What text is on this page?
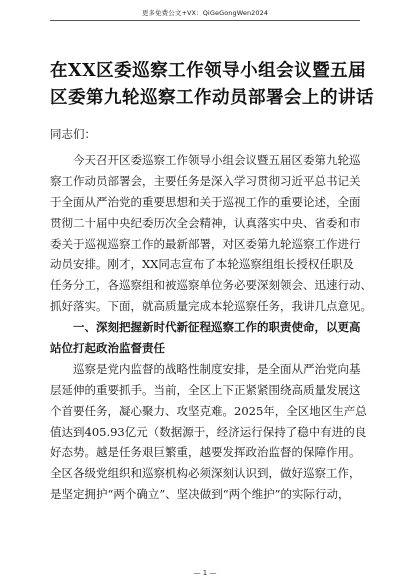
更多免费公文+VX：QiGeGongWen2024
在XX区委巡察工作领导小组会议暨五届
区委第九轮巡察工作动员部署会上的讲话
同志们：
　　今天召开区委巡察工作领导小组会议暨五届区委第九轮巡
察工作动员部署会，主要任务是深入学习贯彻习近平总书记关
于全面从严治党的重要思想和关于巡视工作的重要论述，全面
贯彻二十届中央纪委历次全会精神，认真落实中央、省委和市
委关于巡视巡察工作的最新部署，对区委第九轮巡察工作进行
动员安排。刚才，XX同志宣布了本轮巡察组组长授权任职及
任务分工，各巡察组和被巡察单位务必要深刻领会、迅速行动、
抓好落实。下面，就高质量完成本轮巡察任务，我讲几点意见。
　　一、深刻把握新时代新征程巡察工作的职责使命，以更高
站位打起政治监督责任
　　巡察是党内监督的战略性制度安排，是全面从严治党向基
层延伸的重要抓手。当前，全区上下正紧紧围绕高质量发展这
个首要任务，凝心聚力、攻坚克难。2025年，全区地区生产总
值达到405.93亿元（数据源于，经济运行保持了稳中有进的良
好态势。越是任务艰巨繁重，越要发挥政治监督的保障作用。
全区各级党组织和巡察机构必须深刻认识到，做好巡察工作，
是坚定拥护“两个确立”、坚决做到“两个维护”的实际行动，
— 1 —
